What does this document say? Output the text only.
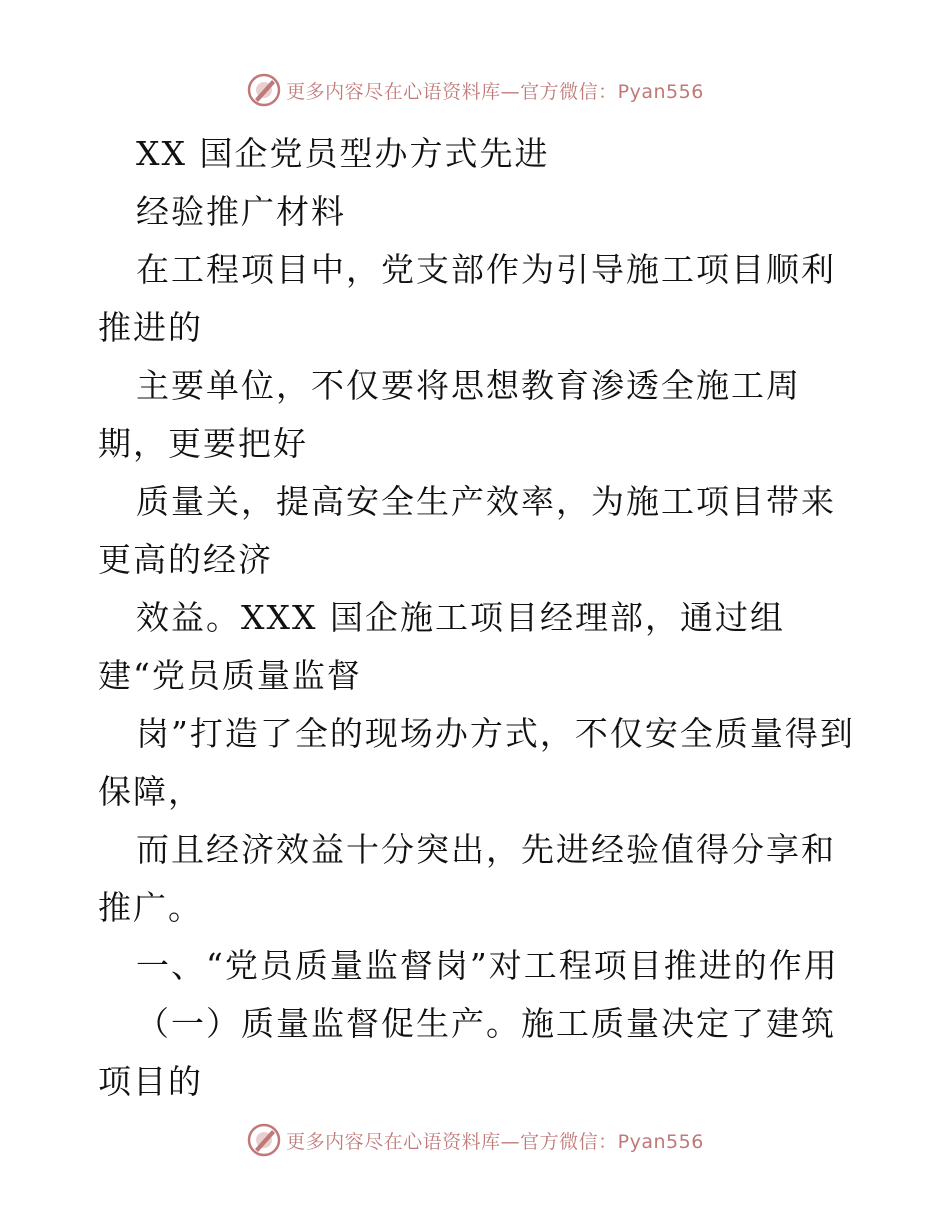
更多内容尽在心语资料库—官方微信：Pyan556

XX 国企党员型办方式先进

经验推广材料

在工程项目中，党支部作为引导施工项目顺利推进的

主要单位，不仅要将思想教育渗透全施工周期，更要把好

质量关，提高安全生产效率，为施工项目带来更高的经济

效益。XXX 国企施工项目经理部，通过组建“党员质量监督

岗”打造了全的现场办方式，不仅安全质量得到保障，

而且经济效益十分突出，先进经验值得分享和推广。

一、“党员质量监督岗”对工程项目推进的作用

（一）质量监督促生产。施工质量决定了建筑项目的

更多内容尽在心语资料库—官方微信：Pyan556
